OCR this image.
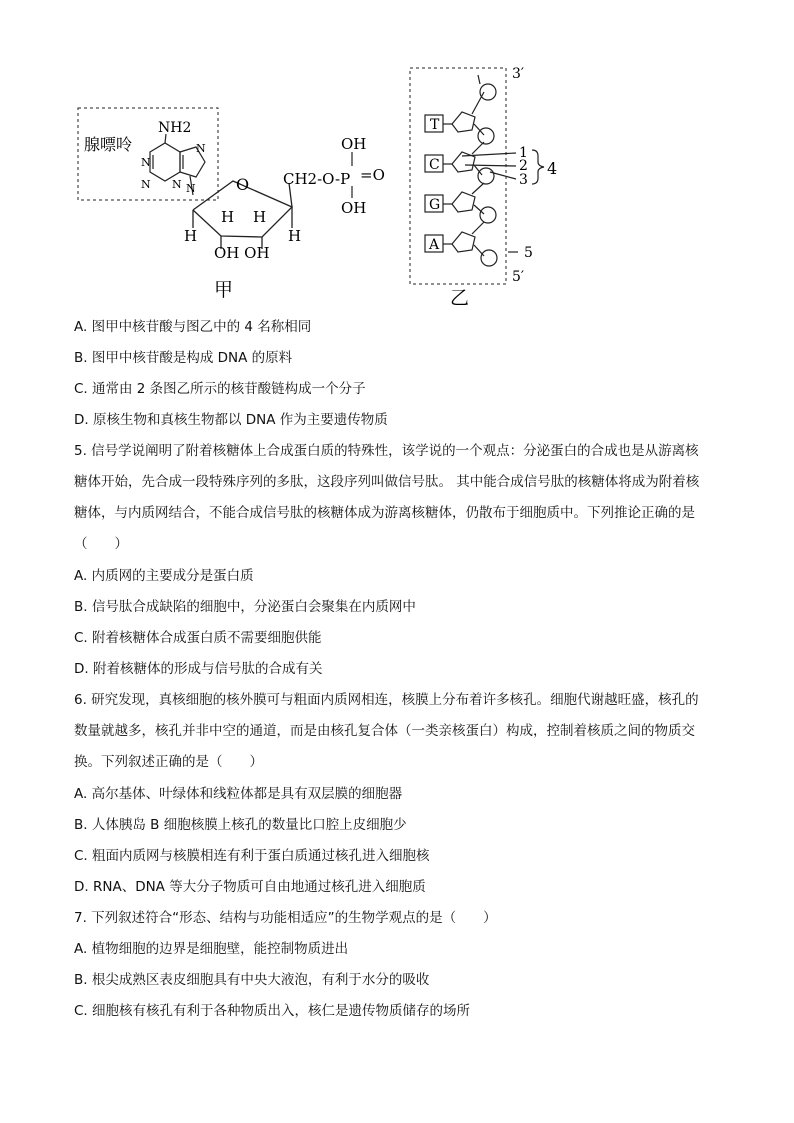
腺嘌呤
NH2
N
N N
N
N	O
H
H H
H
OH OH
CH2-O-P
OH
OH
=O
甲
3′
5′
T
C
G
A
1
2
3
4
5
乙
A. 图甲中核苷酸与图乙中的 4 名称相同
B. 图甲中核苷酸是构成 DNA 的原料
C. 通常由 2 条图乙所示的核苷酸链构成一个分子
D. 原核生物和真核生物都以 DNA 作为主要遗传物质
5. 信号学说阐明了附着核糖体上合成蛋白质的特殊性，该学说的一个观点：分泌蛋白的合成也是从游离核
糖体开始，先合成一段特殊序列的多肽，这段序列叫做信号肽。 其中能合成信号肽的核糖体将成为附着核
糖体，与内质网结合，不能合成信号肽的核糖体成为游离核糖体，仍散布于细胞质中。下列推论正确的是
（　　）
A. 内质网的主要成分是蛋白质
B. 信号肽合成缺陷的细胞中，分泌蛋白会聚集在内质网中
C. 附着核糖体合成蛋白质不需要细胞供能
D. 附着核糖体的形成与信号肽的合成有关
6. 研究发现，真核细胞的核外膜可与粗面内质网相连，核膜上分布着许多核孔。细胞代谢越旺盛，核孔的
数量就越多，核孔并非中空的通道，而是由核孔复合体（一类亲核蛋白）构成，控制着核质之间的物质交
换。下列叙述正确的是（　　）
A. 高尔基体、叶绿体和线粒体都是具有双层膜的细胞器
B. 人体胰岛 B 细胞核膜上核孔的数量比口腔上皮细胞少
C. 粗面内质网与核膜相连有利于蛋白质通过核孔进入细胞核
D. RNA、DNA 等大分子物质可自由地通过核孔进入细胞质
7. 下列叙述符合“形态、结构与功能相适应”的生物学观点的是（　　）
A. 植物细胞的边界是细胞壁，能控制物质进出
B. 根尖成熟区表皮细胞具有中央大液泡，有利于水分的吸收
C. 细胞核有核孔有利于各种物质出入，核仁是遗传物质储存的场所
